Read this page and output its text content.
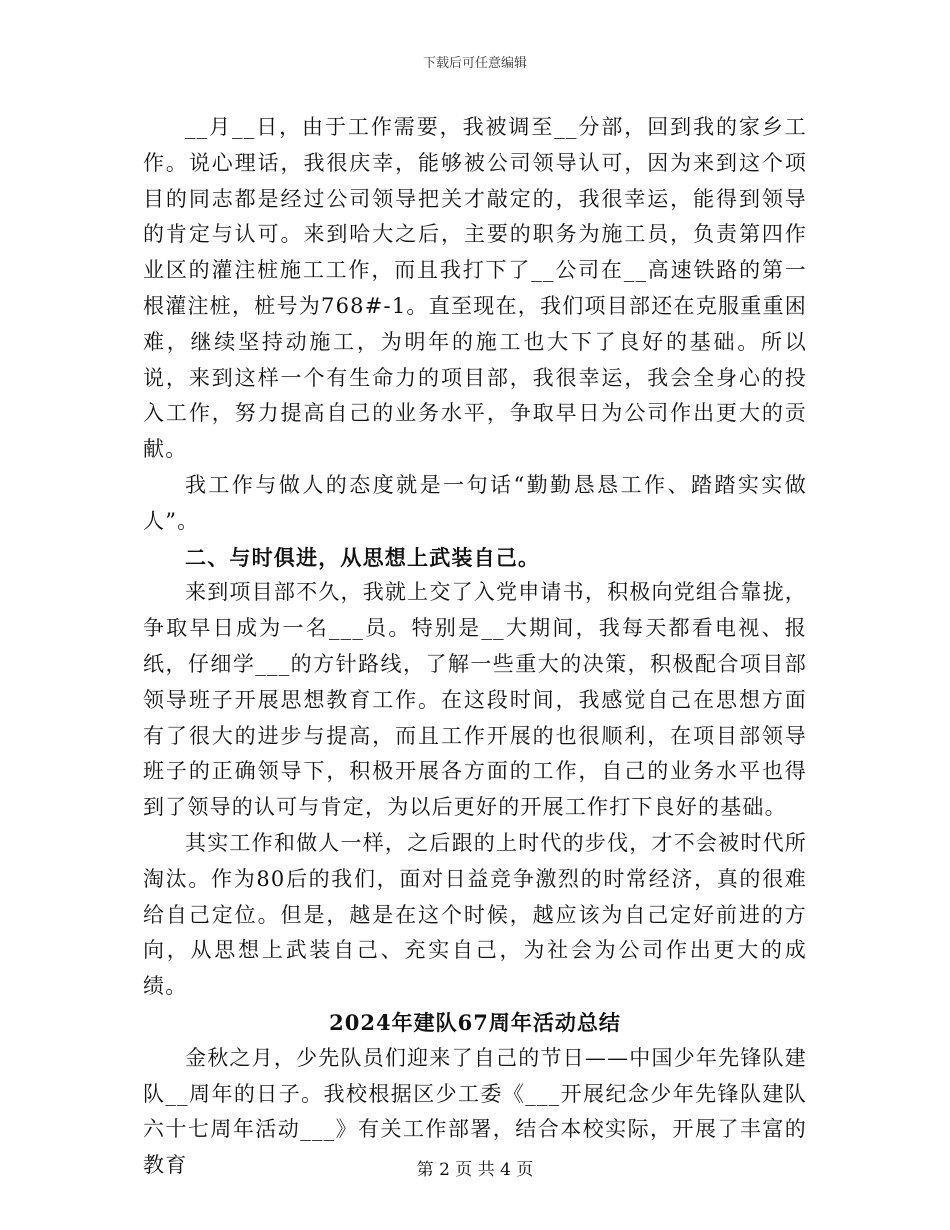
下载后可任意编辑

__月__日，由于工作需要，我被调至__分部，回到我的家乡工作。说心理话，我很庆幸，能够被公司领导认可，因为来到这个项目的同志都是经过公司领导把关才敲定的，我很幸运，能得到领导的肯定与认可。来到哈大之后，主要的职务为施工员，负责第四作业区的灌注桩施工工作，而且我打下了__公司在__高速铁路的第一根灌注桩，桩号为768#-1。直至现在，我们项目部还在克服重重困难，继续坚持动施工，为明年的施工也大下了良好的基础。所以说，来到这样一个有生命力的项目部，我很幸运，我会全身心的投入工作，努力提高自己的业务水平，争取早日为公司作出更大的贡献。

我工作与做人的态度就是一句话“勤勤恳恳工作、踏踏实实做人”。

二、与时俱进，从思想上武装自己。

来到项目部不久，我就上交了入党申请书，积极向党组合靠拢，争取早日成为一名___员。特别是__大期间，我每天都看电视、报纸，仔细学___的方针路线，了解一些重大的决策，积极配合项目部领导班子开展思想教育工作。在这段时间，我感觉自己在思想方面有了很大的进步与提高，而且工作开展的也很顺利，在项目部领导班子的正确领导下，积极开展各方面的工作，自己的业务水平也得到了领导的认可与肯定，为以后更好的开展工作打下良好的基础。

其实工作和做人一样，之后跟的上时代的步伐，才不会被时代所淘汰。作为80后的我们，面对日益竞争激烈的时常经济，真的很难给自己定位。但是，越是在这个时候，越应该为自己定好前进的方向，从思想上武装自己、充实自己，为社会为公司作出更大的成绩。

2024年建队67周年活动总结

金秋之月，少先队员们迎来了自己的节日——中国少年先锋队建队__周年的日子。我校根据区少工委《___开展纪念少年先锋队建队六十七周年活动___》有关工作部署，结合本校实际，开展了丰富的教育	第 2 页 共 4 页
